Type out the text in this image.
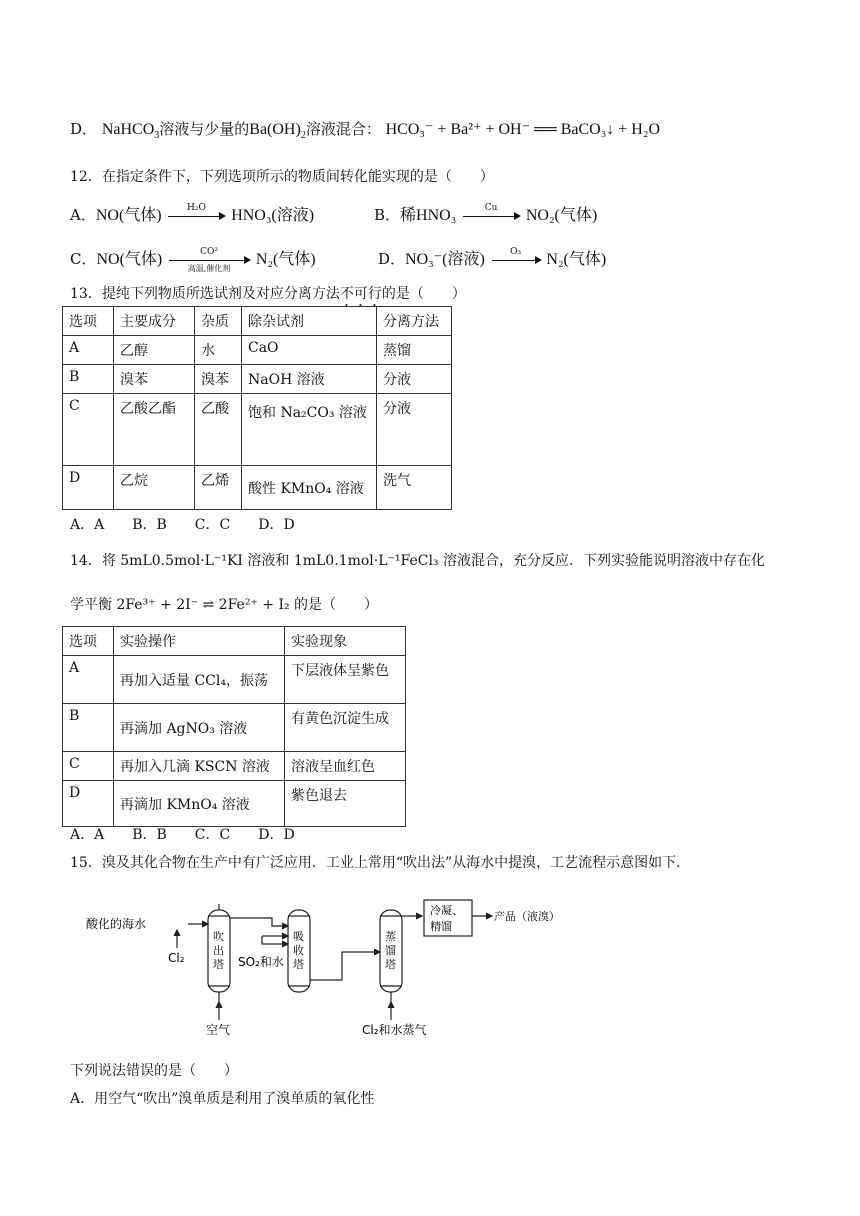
D． NaHCO$_3$溶液与少量的$Ba(OH)_2$溶液混合： HCO₃⁻ + Ba²⁺ + OH⁻ ══ BaCO₃↓ + H₂O
12．在指定条件下，下列选项所示的物质间转化能实现的是（　　）
A．NO(气体)	H₂O	HNO₃(溶液)	B．稀HNO₃	Cu	NO₂(气体)
C．NO(气体)	CO²
高温,催化剂	N₂(气体)	D．NO₃⁻(溶液)	O₃	N₂(气体)
13．提纯下列物质所选试剂及对应分离方法不可行的是（　　）
选项	主要成分	杂质	除杂试剂	分离方法
A	乙醇	水	CaO	蒸馏
B	溴苯	溴苯	NaOH 溶液	分液
C	乙酸乙酯	乙酸	饱和 Na₂CO₃ 溶液	分液
D	乙烷	乙烯	酸性 KMnO₄ 溶液	洗气
A．A　　B．B　　C．C　　D．D
14．将 5mL0.5mol·L⁻¹KI 溶液和 1mL0.1mol·L⁻¹FeCl₃ 溶液混合，充分反应．下列实验能说明溶液中存在化
学平衡 2Fe³⁺ + 2I⁻ ⇌ 2Fe²⁺ + I₂ 的是（　　）
选项	实验操作	实验现象
A	再加入适量 CCl₄，振荡	下层液体呈紫色
B	再滴加 AgNO₃ 溶液	有黄色沉淀生成
C	再加入几滴 KSCN 溶液	溶液呈血红色
D	再滴加 KMnO₄ 溶液	紫色退去
A．A　　B．B　　C．C　　D．D
15．溴及其化合物在生产中有广泛应用．工业上常用“吹出法”从海水中提溴，工艺流程示意图如下．
酸化的海水
Cl₂
吹出塔
空气
SO₂和水
吸收塔
蒸馏塔
Cl₂和水蒸气
冷凝、
精馏
产品（液溴）
下列说法错误的是（　　）
A．用空气“吹出”溴单质是利用了溴单质的氧化性
